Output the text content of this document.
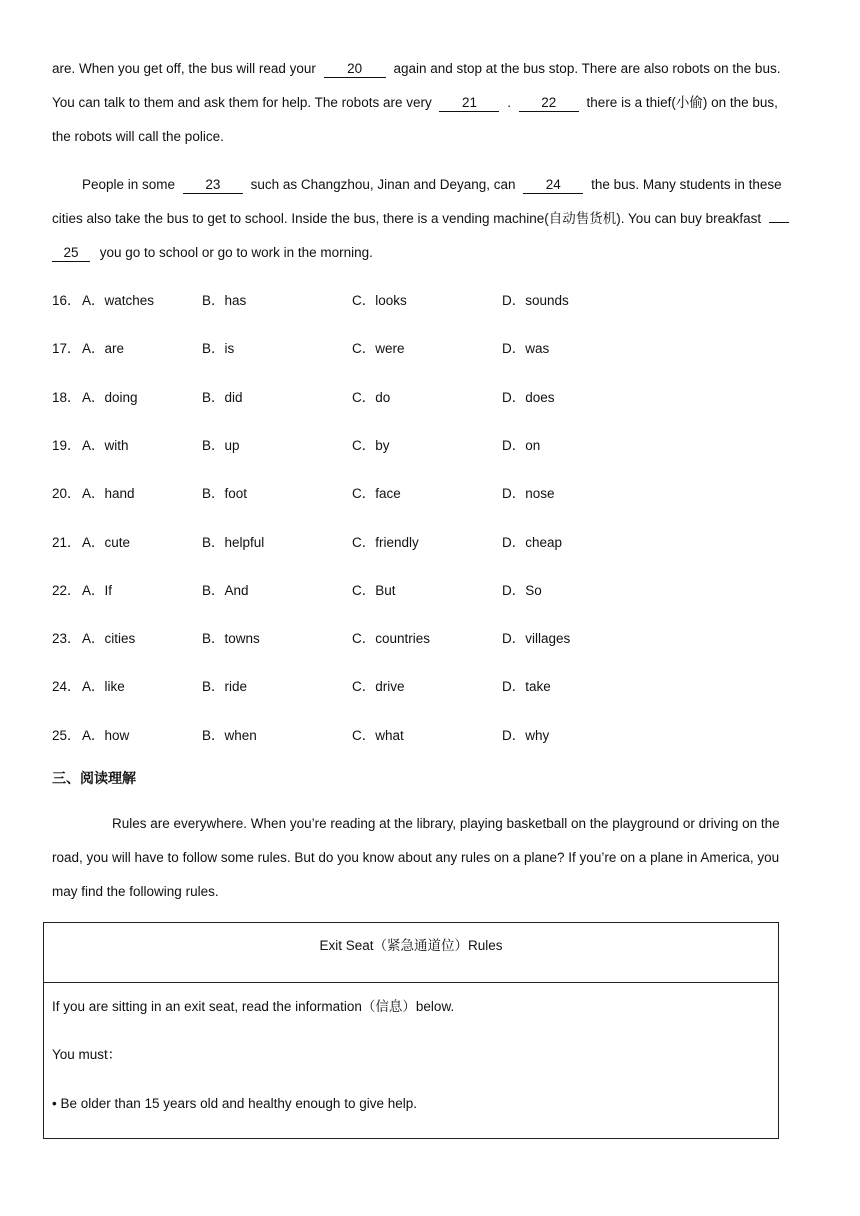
are. When you get off, the bus will read your 20 again and stop at the bus stop. There are also robots on the bus.
You can talk to them and ask them for help. The robots are very 21 . 22 there is a thief(小偷) on the bus,
the robots will call the police.
People in some 23 such as Changzhou, Jinan and Deyang, can 24 the bus. Many students in these
cities also take the bus to get to school. Inside the bus, there is a vending machine(自动售货机). You can buy breakfast
25 you go to school or go to work in the morning.
16． A．watches	B．has	C．looks	D．sounds
17． A．are	B．is	C．were	D．was
18． A．doing	B．did	C．do	D．does
19． A．with	B．up	C．by	D．on
20． A．hand	B．foot	C．face	D．nose
21． A．cute	B．helpful	C．friendly	D．cheap
22． A．If	B．And	C．But	D．So
23． A．cities	B．towns	C．countries	D．villages
24． A．like	B．ride	C．drive	D．take
25． A．how	B．when	C．what	D．why
三、阅读理解
Rules are everywhere. When you’re reading at the library, playing basketball on the playground or driving on the
road, you will have to follow some rules. But do you know about any rules on a plane? If you’re on a plane in America, you
may find the following rules.
Exit Seat（紧急通道位）Rules
If you are sitting in an exit seat, read the information（信息）below.
You must：
• Be older than 15 years old and healthy enough to give help.
